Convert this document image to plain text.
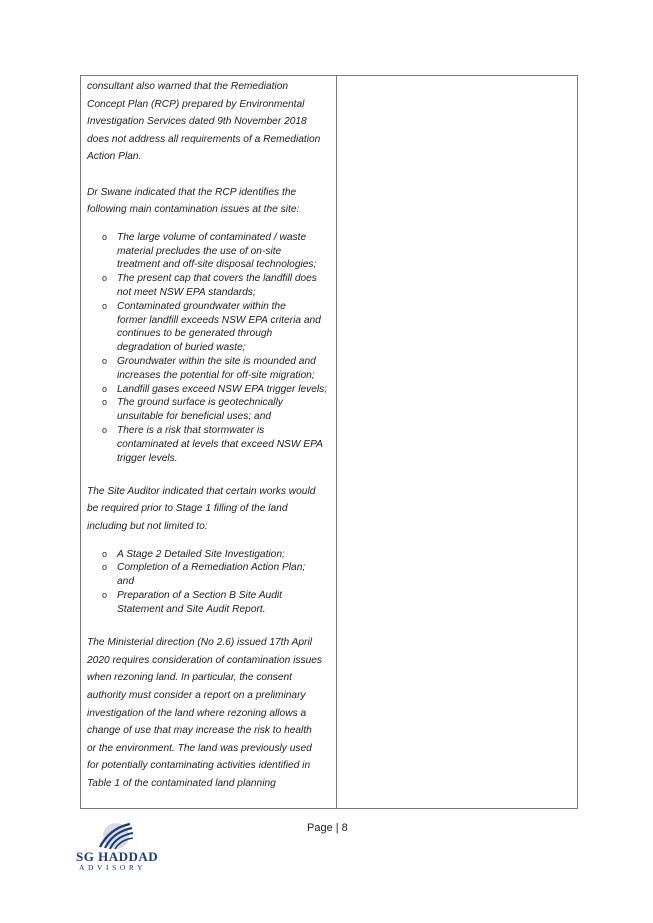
consultant also warned that the Remediation
Concept Plan (RCP) prepared by Environmental
Investigation Services dated 9th November 2018
does not address all requirements of a Remediation
Action Plan.
Dr Swane indicated that the RCP identifies the
following main contamination issues at the site:
o The large volume of contaminated / waste
material precludes the use of on-site
treatment and off-site disposal technologies;
o The present cap that covers the landfill does
not meet NSW EPA standards;
o Contaminated groundwater within the
former landfill exceeds NSW EPA criteria and
continues to be generated through
degradation of buried waste;
o Groundwater within the site is mounded and
increases the potential for off-site migration;
o Landfill gases exceed NSW EPA trigger levels;
o The ground surface is geotechnically
unsuitable for beneficial uses; and
o There is a risk that stormwater is
contaminated at levels that exceed NSW EPA
trigger levels.
The Site Auditor indicated that certain works would
be required prior to Stage 1 filling of the land
including but not limited to:
o A Stage 2 Detailed Site Investigation;
o Completion of a Remediation Action Plan;
and
o Preparation of a Section B Site Audit
Statement and Site Audit Report.
The Ministerial direction (No 2.6) issued 17th April
2020 requires consideration of contamination issues
when rezoning land. In particular, the consent
authority must consider a report on a preliminary
investigation of the land where rezoning allows a
change of use that may increase the risk to health
or the environment. The land was previously used
for potentially contaminating activities identified in
Table 1 of the contaminated land planning
Page | 8
SG HADDAD
ADVISORY
